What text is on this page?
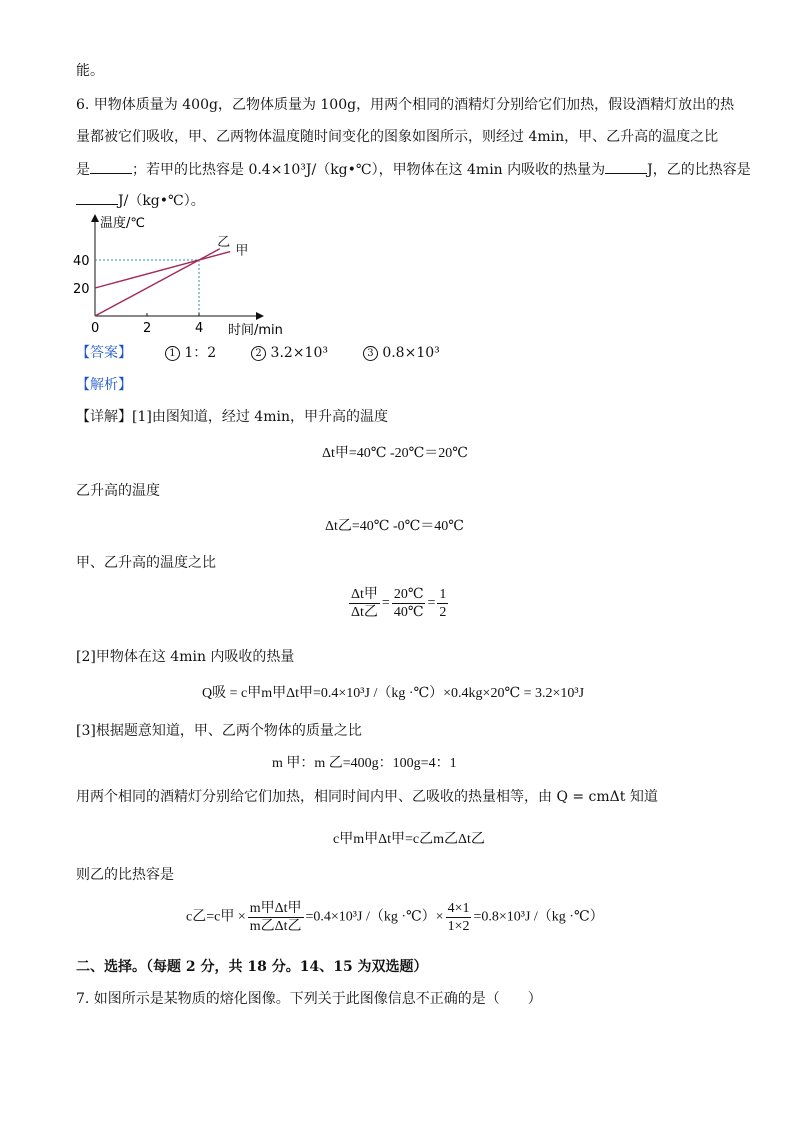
能。
6. 甲物体质量为 400g，乙物体质量为 100g，用两个相同的酒精灯分别给它们加热，假设酒精灯放出的热
量都被它们吸收，甲、乙两物体温度随时间变化的图象如图所示，则经过 4min，甲、乙升高的温度之比
是	；若甲的比热容是 0.4×10³J/（kg•℃），甲物体在这 4min 内吸收的热量为	J，乙的比热容是
J/（kg•℃）。
乙
甲
0	2	4
20
40
温度/℃
时间/min
【答案】	1 1：2	2 3.2×10³	3 0.8×10³
【解析】
【详解】[1]由图知道，经过 4min，甲升高的温度
Δt甲=40℃ -20℃＝20℃
乙升高的温度
Δt乙=40℃ -0℃＝40℃
甲、乙升高的温度之比
$\frac{\text{Δt甲}}{\text{Δt乙}} = \frac{20℃}{40℃} = \frac{1}{2}$
[2]甲物体在这 4min 内吸收的热量
Q吸 = c甲m甲Δt甲=0.4×10³J /（kg ·℃）×0.4kg×20℃ = 3.2×10³J
[3]根据题意知道，甲、乙两个物体的质量之比
m 甲：m 乙=400g：100g=4：1
用两个相同的酒精灯分别给它们加热，相同时间内甲、乙吸收的热量相等，由 Q = cmΔt 知道
c甲m甲Δt甲=c乙m乙Δt乙
则乙的比热容是
c乙=c甲 × $\frac{\text{m甲Δt甲}}{\text{m乙Δt乙}} =0.4\times 10^3J$ /（kg ·℃）× $\frac{4\times 1}{1\times 2} =0.8\times 10^3J$ /（kg ·℃）
二、选择。（每题 2 分，共 18 分。14、15 为双选题）
7. 如图所示是某物质的熔化图像。下列关于此图像信息不正确的是（　　）
